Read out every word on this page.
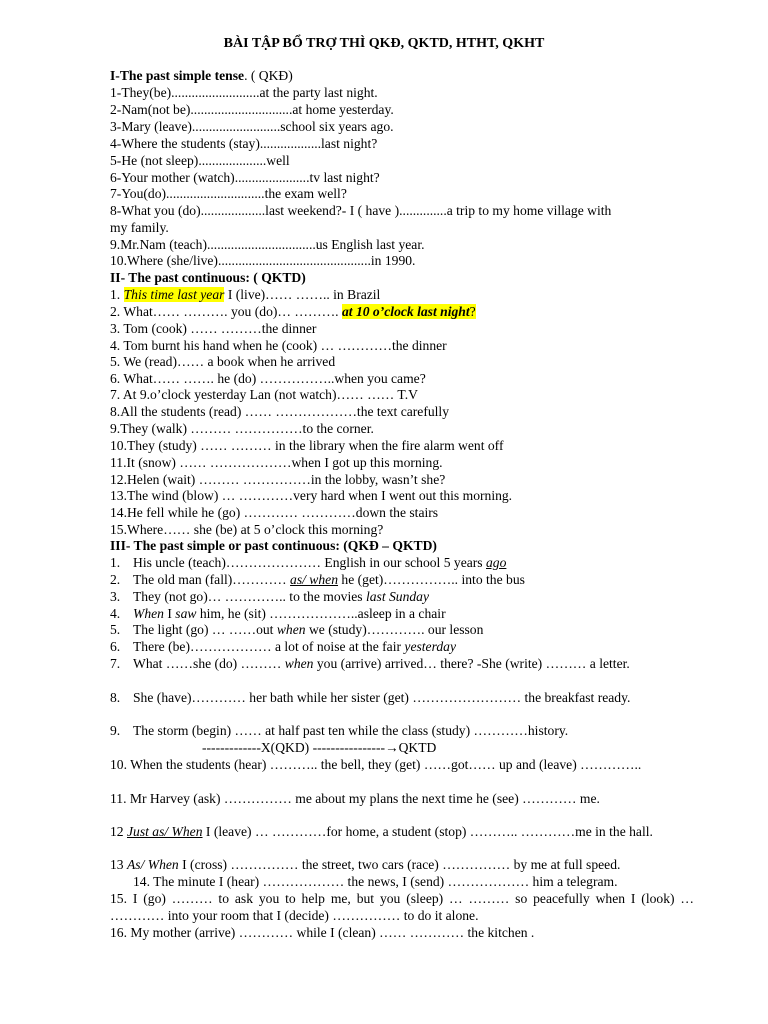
BÀI TẬP BỔ TRỢ THÌ QKĐ, QKTD, HTHT, QKHT
I-The past simple tense. ( QKĐ)
1-They(be)..........................at the party last night.
2-Nam(not be)..............................at home yesterday.
3-Mary (leave)..........................school six years ago.
4-Where the students (stay)..................last night?
5-He (not sleep)....................well
6-Your mother (watch)......................tv last night?
7-You(do).............................the exam well?
8-What you (do)...................last weekend?- I ( have )..............a trip to my home village with
my family.
9.Mr.Nam (teach)................................us English last year.
10.Where (she/live).............................................in 1990.
II- The past continuous: ( QKTD)
1. This time last year I (live)…… …….. in Brazil
2. What…… ………. you (do)… ………. at 10 o’clock last night?
3. Tom (cook) …… ………the dinner
4. Tom burnt his hand when he (cook) … …………the dinner
5. We (read)…… a book when he arrived
6. What…… ……. he (do) ……………..when you came?
7. At 9.o’clock yesterday Lan (not watch)…… …… T.V
8.All the students (read) …… ………………the text carefully
9.They (walk) ……… ……………to the corner.
10.They (study) …… ……… in the library when the fire alarm went off
11.It (snow) …… ………………when I got up this morning.
12.Helen (wait) ……… ……………in the lobby, wasn’t she?
13.The wind (blow) … …………very hard when I went out this morning.
14.He fell while he (go) ………… …………down the stairs
15.Where…… she (be) at 5 o’clock this morning?
III- The past simple or past continuous: (QKĐ – QKTD)
1. His uncle (teach)………………… English in our school 5 years ago
2. The old man (fall)………… as/ when he (get)…………….. into the bus
3. They (not go)… ………….. to the movies last Sunday
4. When I saw him, he (sit) ………………..asleep in a chair
5. The light (go) … ……out when we (study)…………. our lesson
6. There (be)……………… a lot of noise at the fair yesterday
7. What ……she (do) ……… when you (arrive) arrived… there? -She (write) ……… a letter.
8. She (have)………… her bath while her sister (get) …………………… the breakfast ready.
9. The storm (begin) …… at half past ten while the class (study) …………history.
-------------X(QKD) ----------------→QKTD
10. When the students (hear) ……….. the bell, they (get) ……got…… up and (leave) …………..
11. Mr Harvey (ask) …………… me about my plans the next time he (see) ………… me.
12 Just as/ When I (leave) … …………for home, a student (stop) ……….. …………me in the hall.
13 As/ When I (cross) …………… the street, two cars (race) …………… by me at full speed.
14. The minute I (hear) ……………… the news, I (send) ……………… him a telegram.
15. I (go) ……… to ask you to help me, but you (sleep) … ……… so peacefully when I (look) … ………… into your room that I (decide) …………… to do it alone.
16. My mother (arrive) ………… while I (clean) …… ………… the kitchen .
